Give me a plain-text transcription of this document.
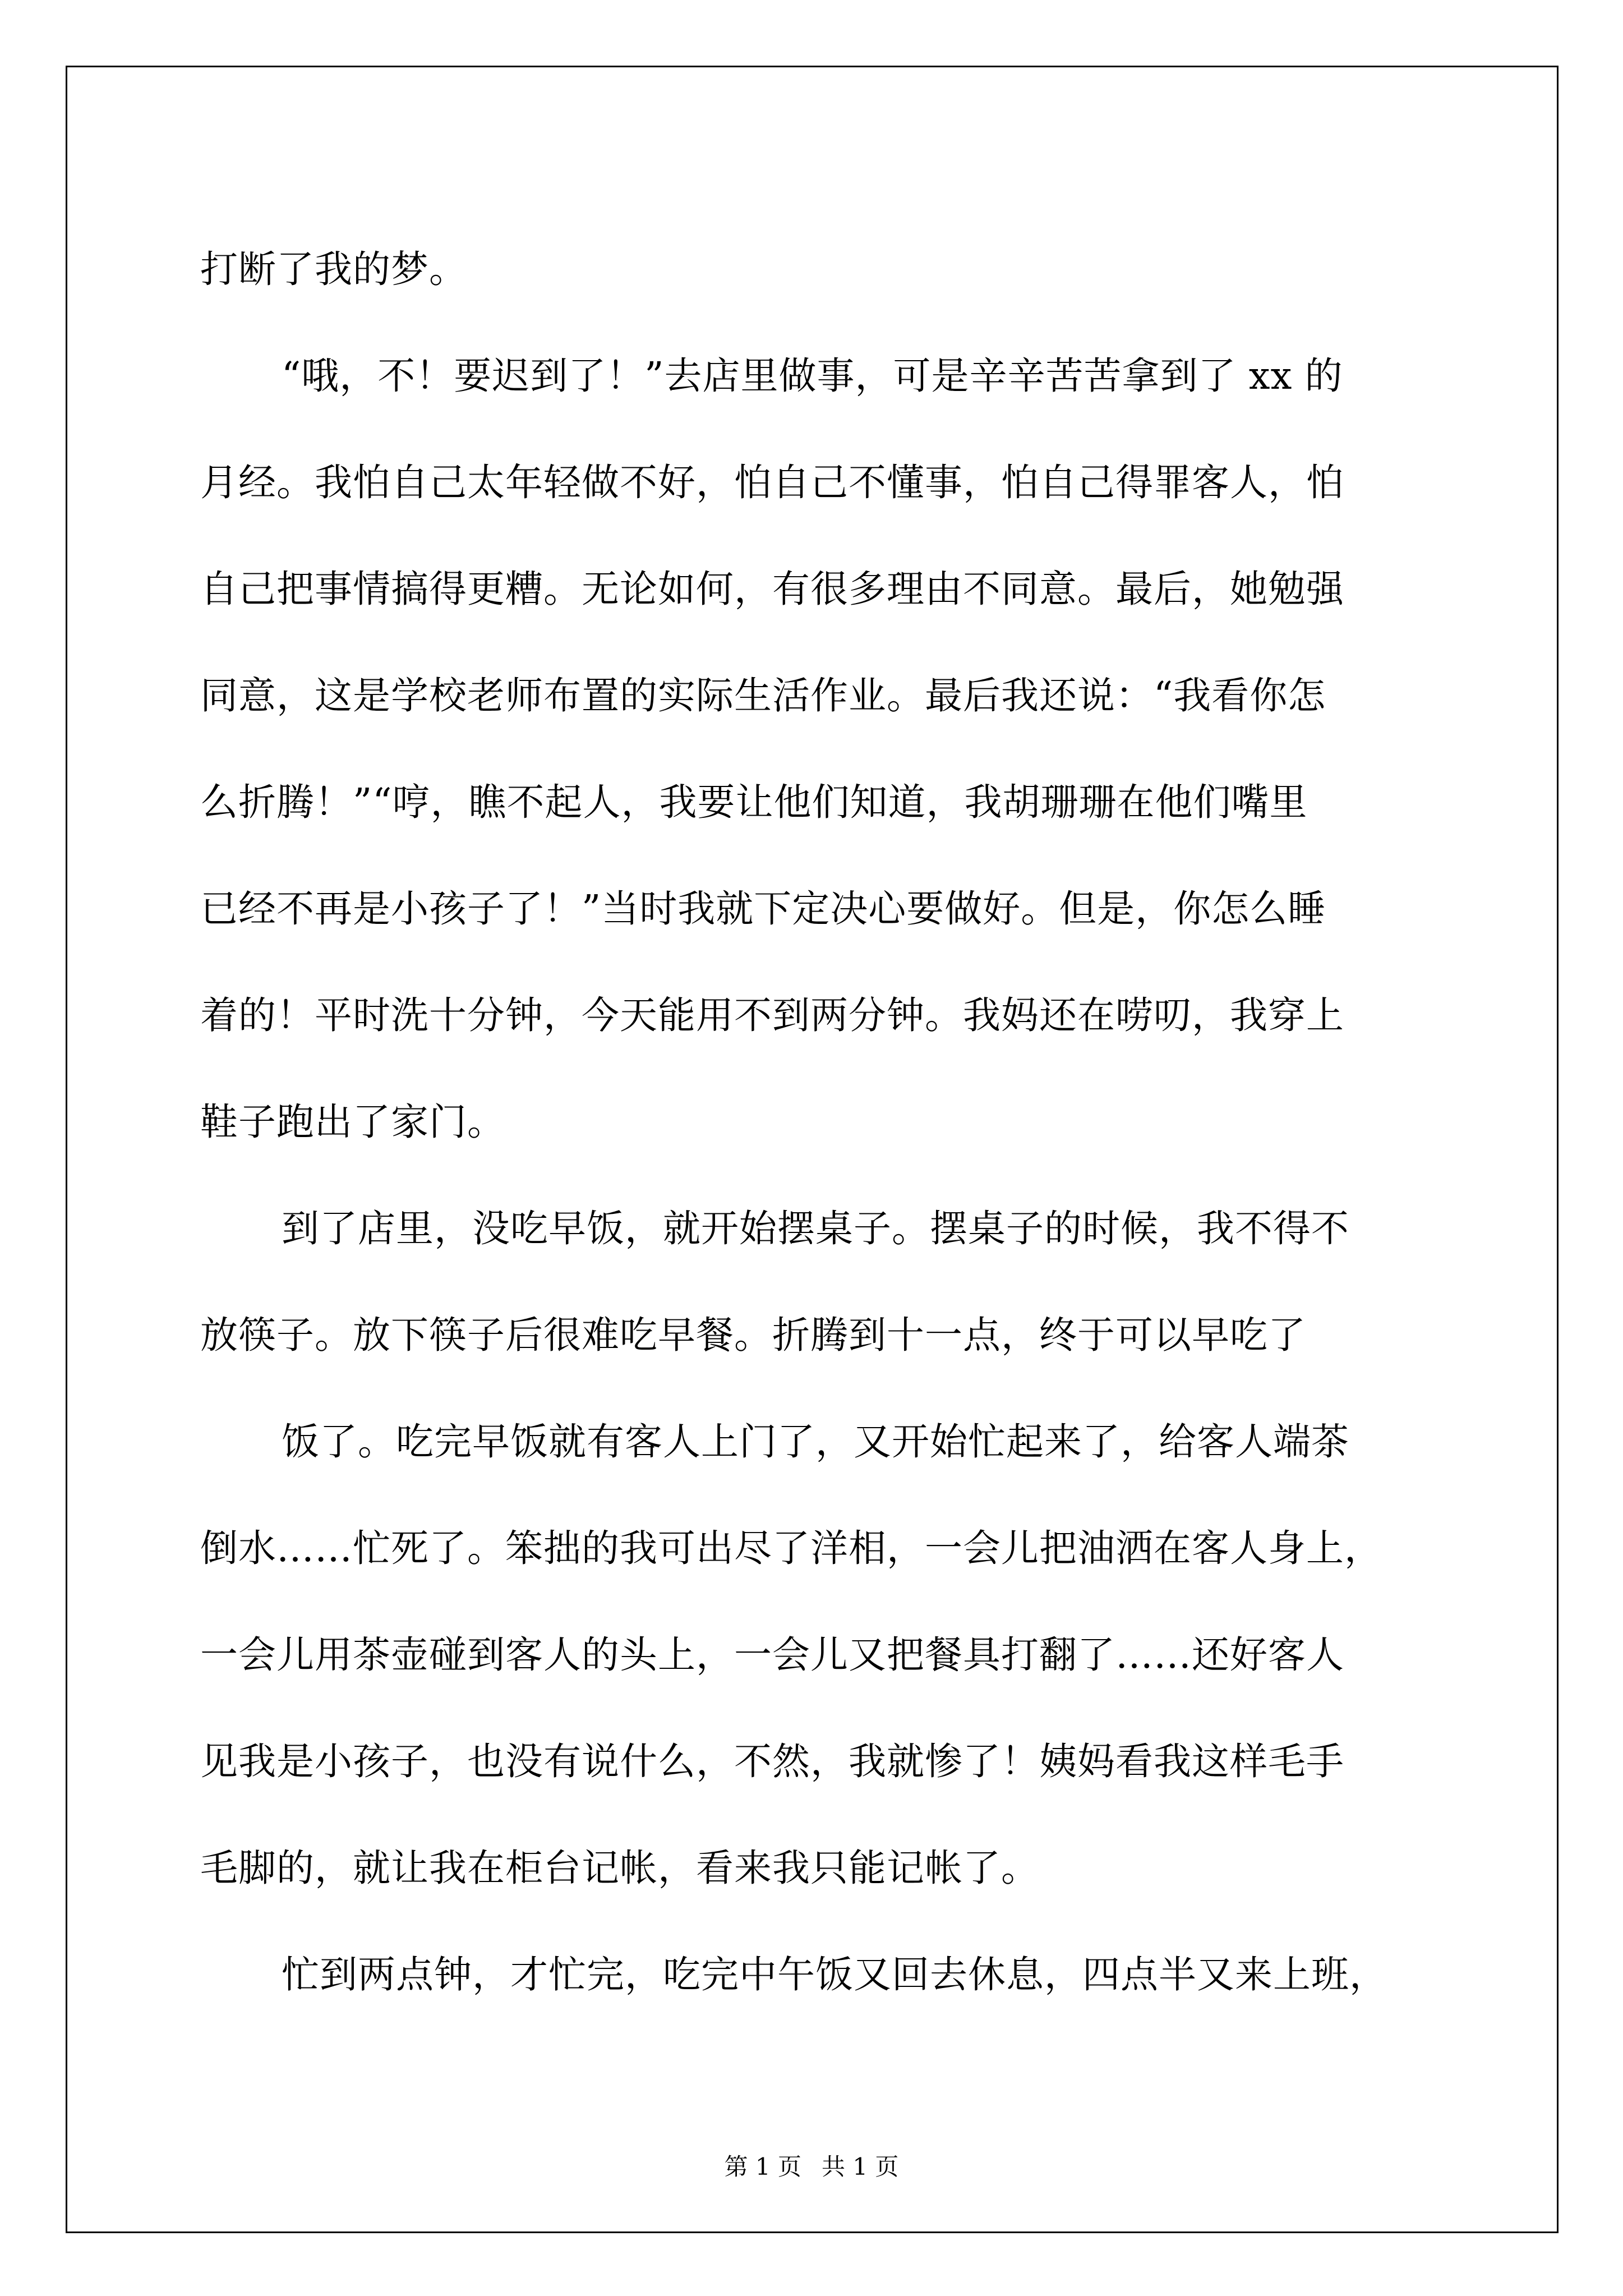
打断了我的梦。

“哦，不！要迟到了！”去店里做事，可是辛辛苦苦拿到了 xx 的
月经。我怕自己太年轻做不好，怕自己不懂事，怕自己得罪客人，怕
自己把事情搞得更糟。无论如何，有很多理由不同意。最后，她勉强
同意，这是学校老师布置的实际生活作业。最后我还说：“我看你怎
么折腾！”“哼，瞧不起人，我要让他们知道，我胡珊珊在他们嘴里
已经不再是小孩子了！”当时我就下定决心要做好。但是，你怎么睡
着的！平时洗十分钟，今天能用不到两分钟。我妈还在唠叨，我穿上
鞋子跑出了家门。

到了店里，没吃早饭，就开始摆桌子。摆桌子的时候，我不得不
放筷子。放下筷子后很难吃早餐。折腾到十一点，终于可以早吃了

饭了。吃完早饭就有客人上门了，又开始忙起来了，给客人端茶
倒水……忙死了。笨拙的我可出尽了洋相，一会儿把油洒在客人身上，
一会儿用茶壶碰到客人的头上，一会儿又把餐具打翻了……还好客人
见我是小孩子，也没有说什么，不然，我就惨了！姨妈看我这样毛手
毛脚的，就让我在柜台记帐，看来我只能记帐了。

忙到两点钟，才忙完，吃完中午饭又回去休息，四点半又来上班，

第 1 页 共 1 页
